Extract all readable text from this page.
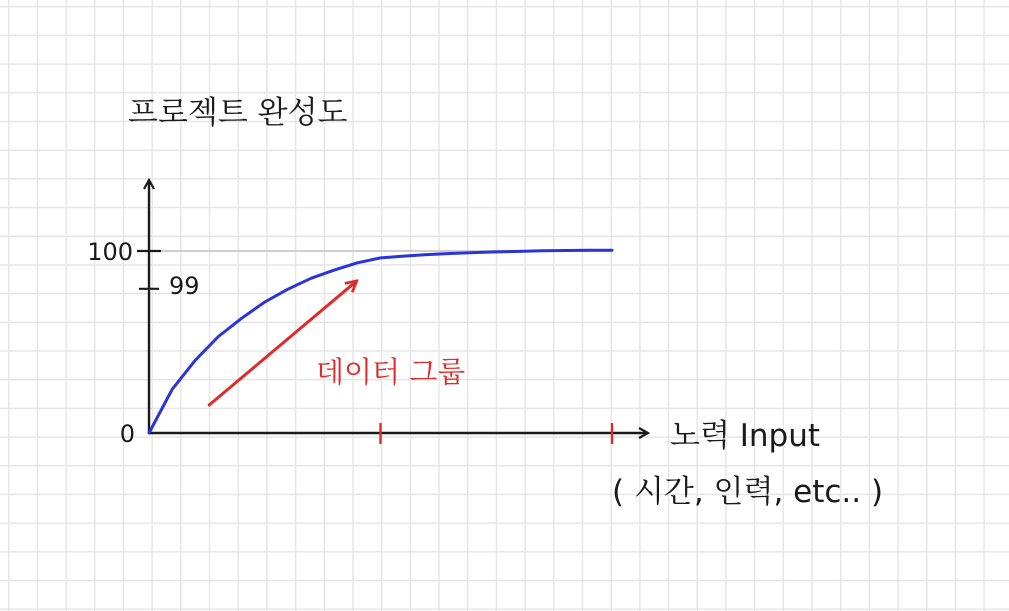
프로젝트 완성도
100
99
0
데이터 그룹
노력 Input
( 시간, 인력, etc.. )
